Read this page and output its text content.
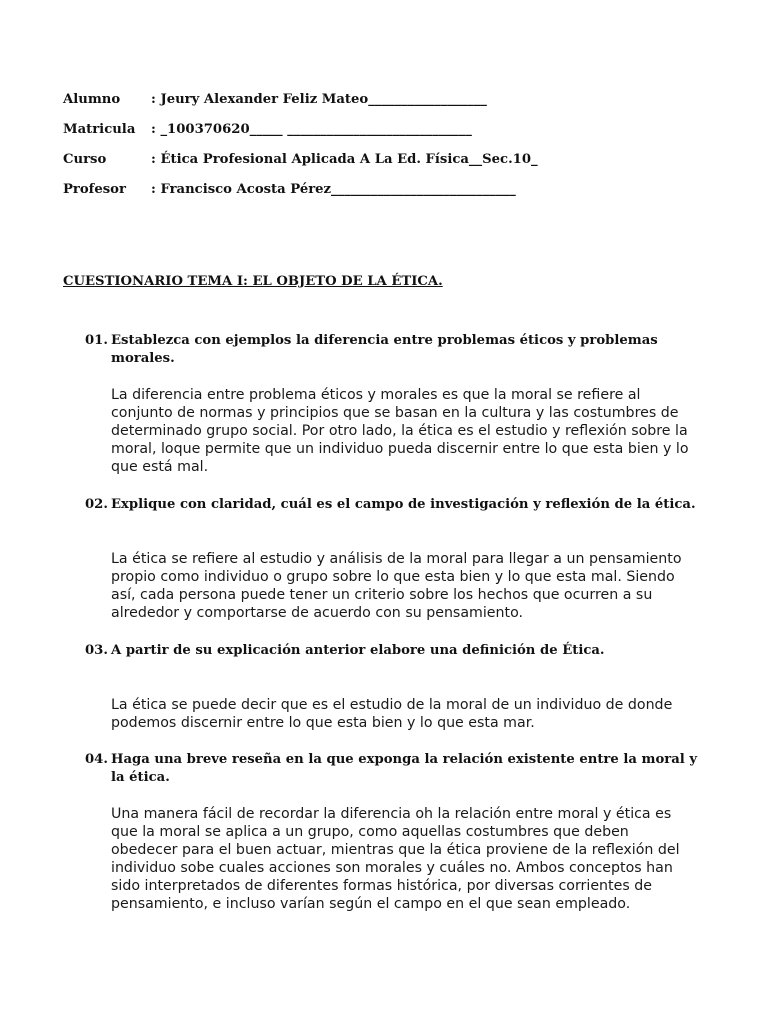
Alumno : Jeury Alexander Feliz Mateo__________________
Matricula : _100370620_____ ____________________________
Curso	: Ética Profesional Aplicada A La Ed. Física__Sec.10_
Profesor : Francisco Acosta Pérez____________________________
CUESTIONARIO TEMA I: EL OBJETO DE LA ÉTICA.
01. Establezca con ejemplos la diferencia entre problemas éticos y problemas morales.
La diferencia entre problema éticos y morales es que la moral se refiere al
conjunto de normas y principios que se basan en la cultura y las costumbres de
determinado grupo social. Por otro lado, la ética es el estudio y reflexión sobre la
moral, loque permite que un individuo pueda discernir entre lo que esta bien y lo
que está mal.
02. Explique con claridad, cuál es el campo de investigación y reflexión de la ética.
La ética se refiere al estudio y análisis de la moral para llegar a un pensamiento
propio como individuo o grupo sobre lo que esta bien y lo que esta mal. Siendo
así, cada persona puede tener un criterio sobre los hechos que ocurren a su
alrededor y comportarse de acuerdo con su pensamiento.
03. A partir de su explicación anterior elabore una definición de Ética.
La ética se puede decir que es el estudio de la moral de un individuo de donde
podemos discernir entre lo que esta bien y lo que esta mar.
04. Haga una breve reseña en la que exponga la relación existente entre la moral y la ética.
Una manera fácil de recordar la diferencia oh la relación entre moral y ética es
que la moral se aplica a un grupo, como aquellas costumbres que deben
obedecer para el buen actuar, mientras que la ética proviene de la reflexión del
individuo sobe cuales acciones son morales y cuáles no. Ambos conceptos han
sido interpretados de diferentes formas histórica, por diversas corrientes de
pensamiento, e incluso varían según el campo en el que sean empleado.
